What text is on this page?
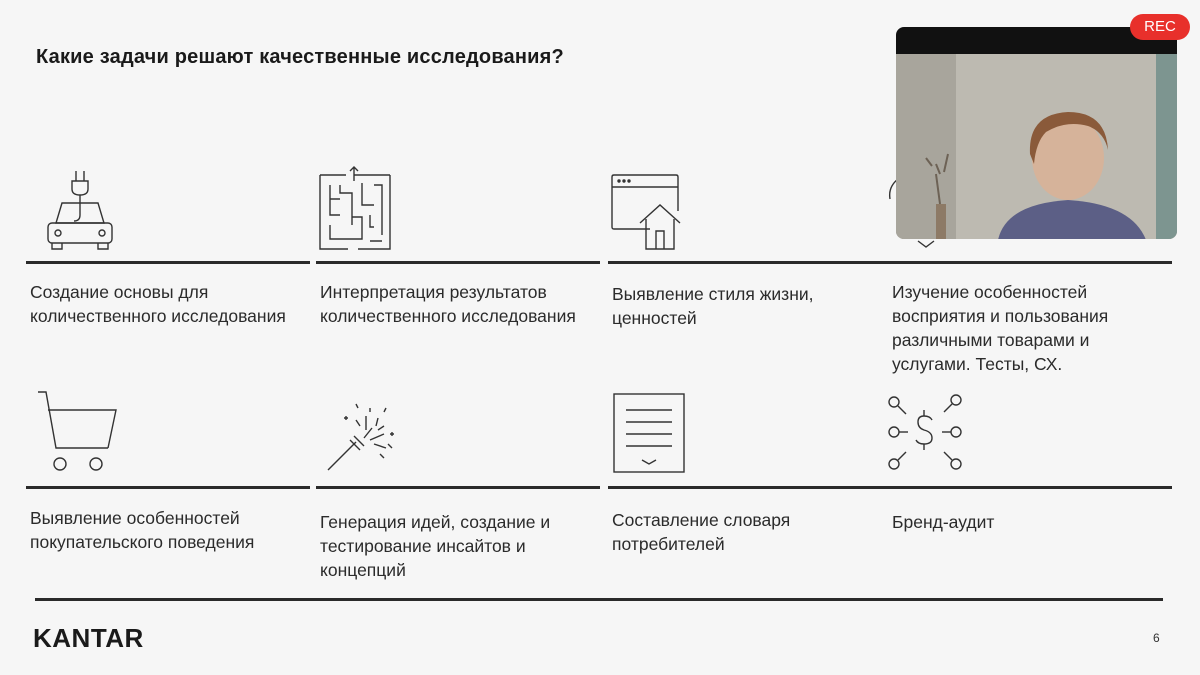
Какие задачи решают качественные исследования?
Создание основы для количественного исследования
Интерпретация результатов количественного исследования
Выявление стиля жизни, ценностей
Изучение особенностей восприятия и пользования различными товарами и услугами. Тесты, СХ.
Выявление особенностей покупательского поведения
Генерация идей, создание и тестирование инсайтов и концепций
Составление словаря потребителей
Бренд-аудит
KANTAR	6
REC
